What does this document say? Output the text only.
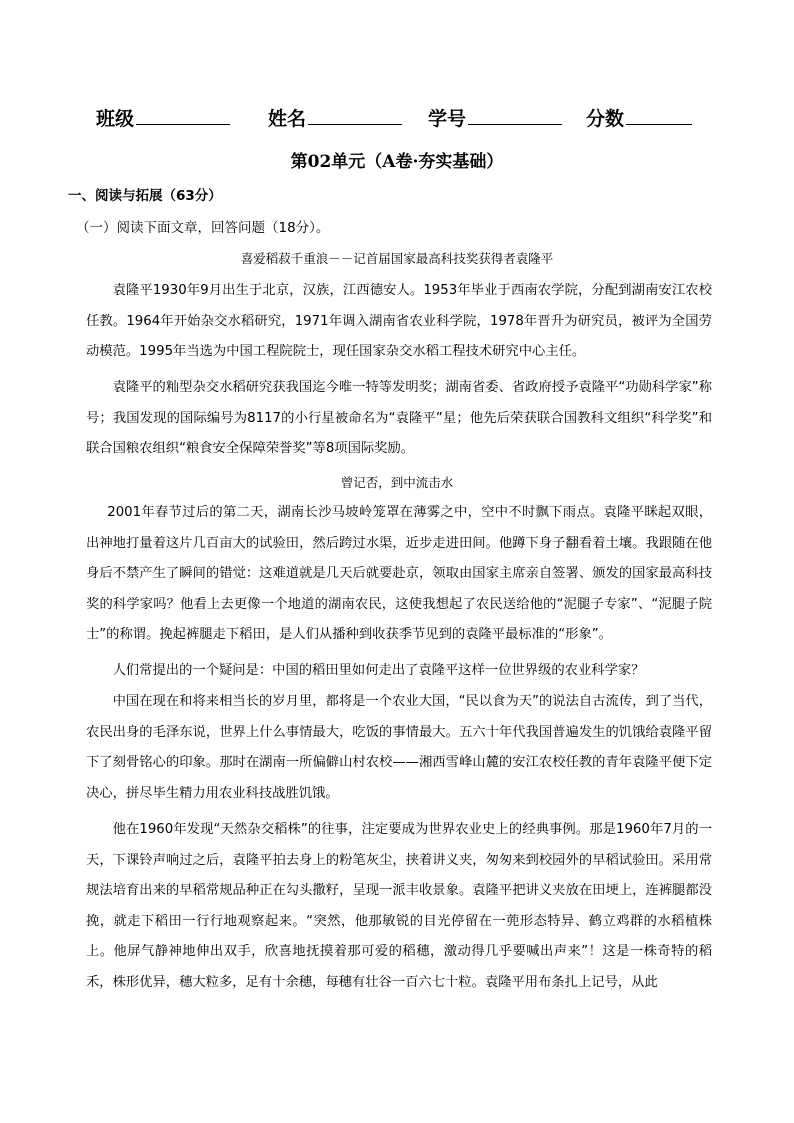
班级	姓名	学号	分数
第02单元（A卷·夯实基础）
一、阅读与拓展（63分）
（一）阅读下面文章，回答问题（18分）。
喜爱稻菽千重浪－－记首届国家最高科技奖获得者袁隆平

袁隆平1930年9月出生于北京，汉族，江西德安人。1953年毕业于西南农学院，分配到湖南安江农校任教。1964年开始杂交水稻研究，1971年调入湖南省农业科学院，1978年晋升为研究员，被评为全国劳动模范。1995年当选为中国工程院院士，现任国家杂交水稻工程技术研究中心主任。

袁隆平的籼型杂交水稻研究获我国迄今唯一特等发明奖；湖南省委、省政府授予袁隆平“功勋科学家”称号；我国发现的国际编号为8117的小行星被命名为“袁隆平”星；他先后荣获联合国教科文组织“科学奖”和联合国粮农组织“粮食安全保障荣誉奖”等8项国际奖励。

曾记否，到中流击水

2001年春节过后的第二天，湖南长沙马坡岭笼罩在薄雾之中，空中不时飘下雨点。袁隆平眯起双眼，出神地打量着这片几百亩大的试验田，然后跨过水渠，近步走进田间。他蹲下身子翻看着土壤。我跟随在他身后不禁产生了瞬间的错觉：这难道就是几天后就要赴京，领取由国家主席亲自签署、颁发的国家最高科技奖的科学家吗？他看上去更像一个地道的湖南农民，这使我想起了农民送给他的“泥腿子专家”、“泥腿子院士”的称谓。挽起裤腿走下稻田，是人们从播种到收获季节见到的袁隆平最标准的“形象”。

人们常提出的一个疑问是：中国的稻田里如何走出了袁隆平这样一位世界级的农业科学家？

中国在现在和将来相当长的岁月里，都将是一个农业大国，“民以食为天”的说法自古流传，到了当代，农民出身的毛泽东说，世界上什么事情最大，吃饭的事情最大。五六十年代我国普遍发生的饥饿给袁隆平留下了刻骨铭心的印象。那时在湖南一所偏僻山村农校——湘西雪峰山麓的安江农校任教的青年袁隆平便下定决心，拼尽毕生精力用农业科技战胜饥饿。

他在1960年发现“天然杂交稻株”的往事，注定要成为世界农业史上的经典事例。那是1960年7月的一天，下课铃声响过之后，袁隆平拍去身上的粉笔灰尘，挟着讲义夹，匆匆来到校园外的早稻试验田。采用常规法培育出来的早稻常规品种正在勾头撒籽，呈现一派丰收景象。袁隆平把讲义夹放在田埂上，连裤腿都没挽，就走下稻田一行行地观察起来。“突然，他那敏锐的目光停留在一蔸形态特异、鹤立鸡群的水稻植株上。他屏气静神地伸出双手，欣喜地抚摸着那可爱的稻穗，激动得几乎要喊出声来”！这是一株奇特的稻禾，株形优异，穗大粒多，足有十余穗，每穗有壮谷一百六七十粒。袁隆平用布条扎上记号，从此
